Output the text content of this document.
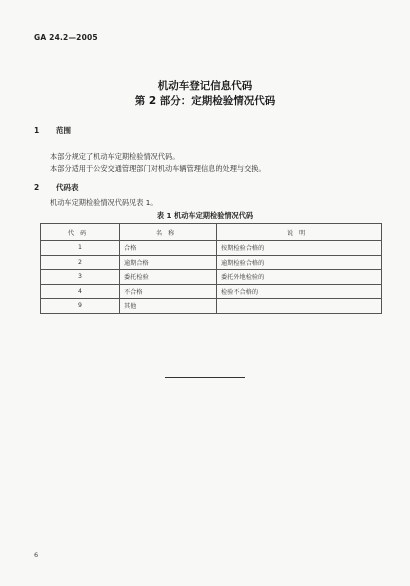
GA 24.2—2005
机动车登记信息代码
第 2 部分：定期检验情况代码
1 范围
本部分规定了机动车定期检验情况代码。
本部分适用于公安交通管理部门对机动车辆管理信息的处理与交换。
2 代码表
机动车定期检验情况代码见表 1。
表 1 机动车定期检验情况代码
代码	名称	说明
1	合格	按期检验合格的
2	逾期合格	逾期检验合格的
3	委托检验	委托外地检验的
4	不合格	检验不合格的
9	其他	
6
